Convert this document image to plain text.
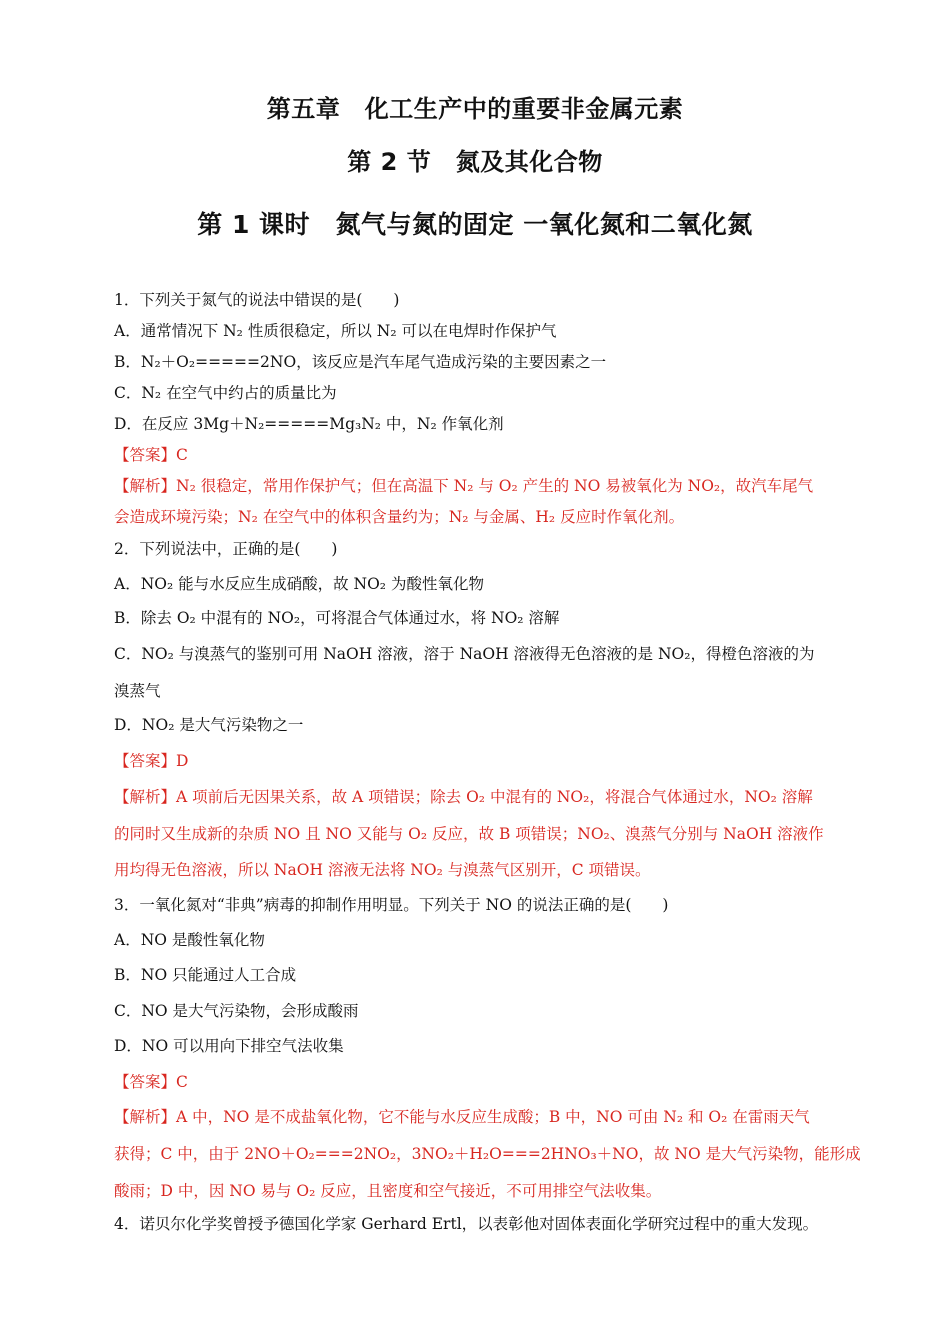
第五章　化工生产中的重要非金属元素
第 2 节　氮及其化合物
第 1 课时　氮气与氮的固定 一氧化氮和二氧化氮
1．下列关于氮气的说法中错误的是(　　)
A．通常情况下 N₂ 性质很稳定，所以 N₂ 可以在电焊时作保护气
B．N₂＋O₂=====2NO，该反应是汽车尾气造成污染的主要因素之一
C．N₂ 在空气中约占的质量比为
D．在反应 3Mg＋N₂=====Mg₃N₂ 中，N₂ 作氧化剂
【答案】C
【解析】N₂ 很稳定，常用作保护气；但在高温下 N₂ 与 O₂ 产生的 NO 易被氧化为 NO₂，故汽车尾气
会造成环境污染；N₂ 在空气中的体积含量约为；N₂ 与金属、H₂ 反应时作氧化剂。
2．下列说法中，正确的是(　　)
A．NO₂ 能与水反应生成硝酸，故 NO₂ 为酸性氧化物
B．除去 O₂ 中混有的 NO₂，可将混合气体通过水，将 NO₂ 溶解
C．NO₂ 与溴蒸气的鉴别可用 NaOH 溶液，溶于 NaOH 溶液得无色溶液的是 NO₂，得橙色溶液的为
溴蒸气
D．NO₂ 是大气污染物之一
【答案】D
【解析】A 项前后无因果关系，故 A 项错误；除去 O₂ 中混有的 NO₂，将混合气体通过水，NO₂ 溶解
的同时又生成新的杂质 NO 且 NO 又能与 O₂ 反应，故 B 项错误；NO₂、溴蒸气分别与 NaOH 溶液作
用均得无色溶液，所以 NaOH 溶液无法将 NO₂ 与溴蒸气区别开，C 项错误。
3．一氧化氮对“非典”病毒的抑制作用明显。下列关于 NO 的说法正确的是(　　)
A．NO 是酸性氧化物
B．NO 只能通过人工合成
C．NO 是大气污染物，会形成酸雨
D．NO 可以用向下排空气法收集
【答案】C
【解析】A 中，NO 是不成盐氧化物，它不能与水反应生成酸；B 中，NO 可由 N₂ 和 O₂ 在雷雨天气
获得；C 中，由于 2NO＋O₂===2NO₂，3NO₂＋H₂O===2HNO₃＋NO，故 NO 是大气污染物，能形成
酸雨；D 中，因 NO 易与 O₂ 反应，且密度和空气接近，不可用排空气法收集。
4．诺贝尔化学奖曾授予德国化学家 Gerhard Ertl，以表彰他对固体表面化学研究过程中的重大发现。
